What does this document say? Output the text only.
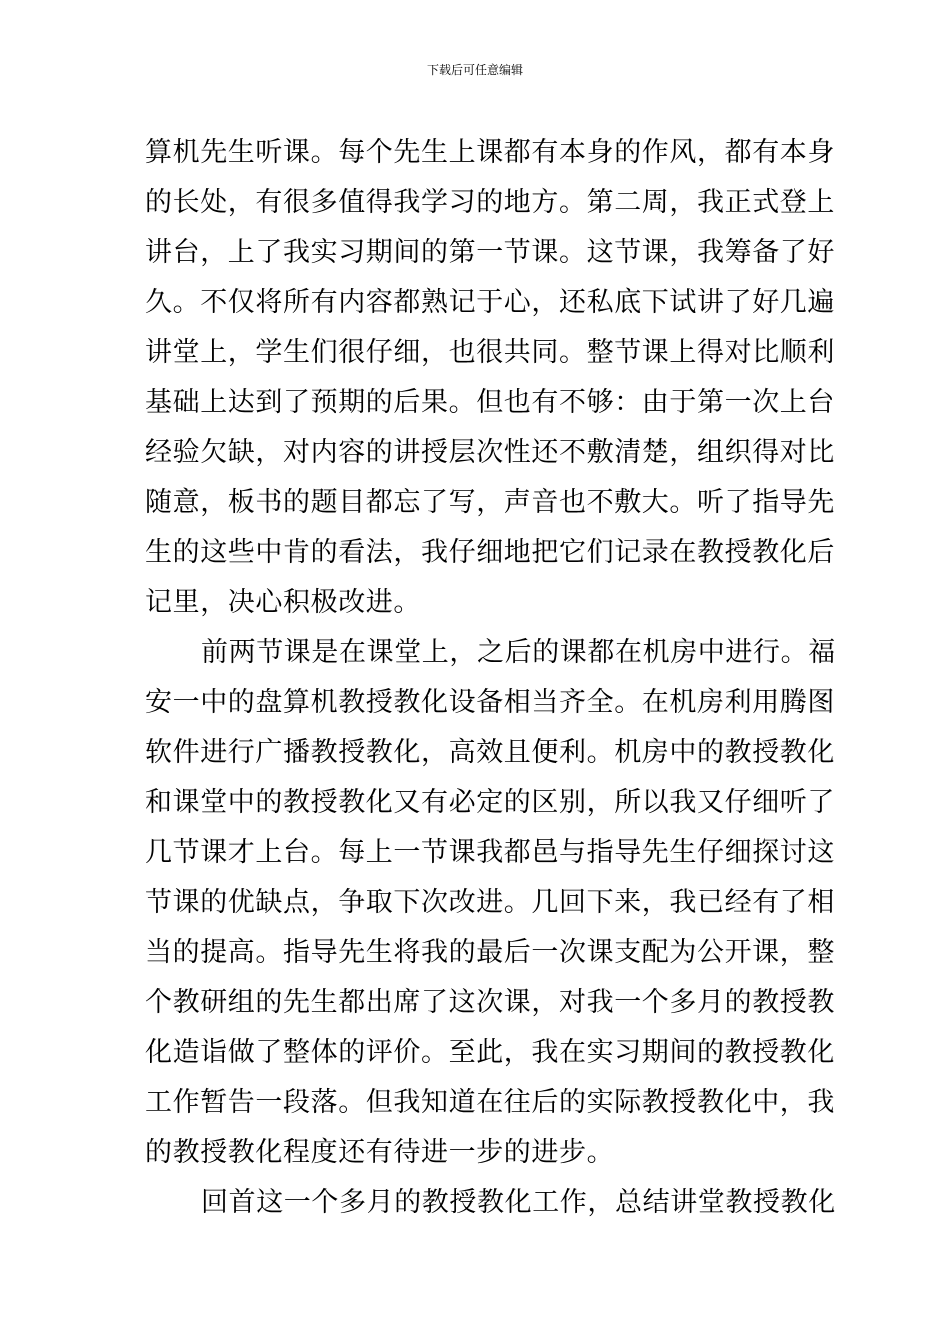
下载后可任意编辑
算机先生听课。每个先生上课都有本身的作风，都有本身
的长处，有很多值得我学习的地方。第二周，我正式登上
讲台，上了我实习期间的第一节课。这节课，我筹备了好
久。不仅将所有内容都熟记于心，还私底下试讲了好几遍
讲堂上，学生们很仔细，也很共同。整节课上得对比顺利
基础上达到了预期的后果。但也有不够：由于第一次上台
经验欠缺，对内容的讲授层次性还不敷清楚，组织得对比
随意，板书的题目都忘了写，声音也不敷大。听了指导先
生的这些中肯的看法，我仔细地把它们记录在教授教化后
记里，决心积极改进。
前两节课是在课堂上，之后的课都在机房中进行。福
安一中的盘算机教授教化设备相当齐全。在机房利用腾图
软件进行广播教授教化，高效且便利。机房中的教授教化
和课堂中的教授教化又有必定的区别，所以我又仔细听了
几节课才上台。每上一节课我都邑与指导先生仔细探讨这
节课的优缺点，争取下次改进。几回下来，我已经有了相
当的提高。指导先生将我的最后一次课支配为公开课，整
个教研组的先生都出席了这次课，对我一个多月的教授教
化造诣做了整体的评价。至此，我在实习期间的教授教化
工作暂告一段落。但我知道在往后的实际教授教化中，我
的教授教化程度还有待进一步的进步。
回首这一个多月的教授教化工作，总结讲堂教授教化
